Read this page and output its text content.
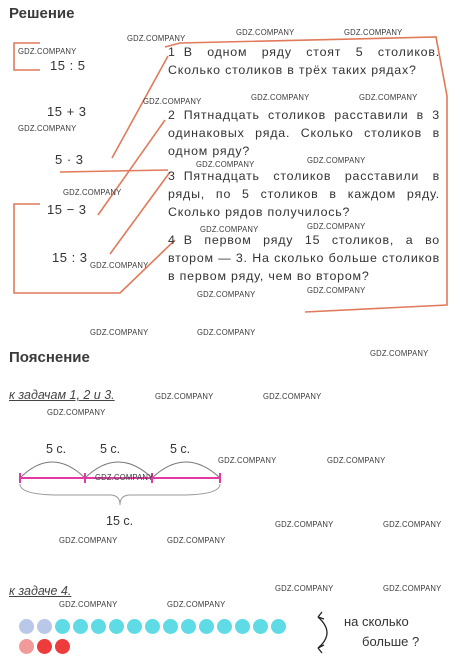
Решение
Пояснение
15 : 5
15 + 3
5 · 3
15 − 3
15 : 3
1 В одном ряду стоят 5 столиков. Сколько столиков в трёх таких рядах?
2 Пятнадцать столиков расставили в 3 одинаковых ряда. Сколько столиков в одном ряду?
3 Пятнадцать столиков расставили в ряды, по 5 столиков в каждом ряду. Сколько рядов получилось?
4 В первом ряду 15 столиков, а во втором — 3. На сколько больше столиков в первом ряду, чем во втором?
к задачам 1, 2 и 3.
5 с.	5 с.	5 с.
15 с.
к задаче 4.
на сколько
больше ?
GDZ.COMPANY
GDZ.COMPANY
GDZ.COMPANY	GDZ.COMPANY
GDZ.COMPANY	GDZ.COMPANY	GDZ.COMPANY
GDZ.COMPANY
GDZ.COMPANY	GDZ.COMPANY
GDZ.COMPANY
GDZ.COMPANY	GDZ.COMPANY
GDZ.COMPANY
GDZ.COMPANY	GDZ.COMPANY
GDZ.COMPANY	GDZ.COMPANY
GDZ.COMPANY
GDZ.COMPANY	GDZ.COMPANY
GDZ.COMPANY
GDZ.COMPANY	GDZ.COMPANY
GDZ.COMPANY
GDZ.COMPANY	GDZ.COMPANY
GDZ.COMPANY	GDZ.COMPANY
GDZ.COMPANY	GDZ.COMPANY
GDZ.COMPANY	GDZ.COMPANY
